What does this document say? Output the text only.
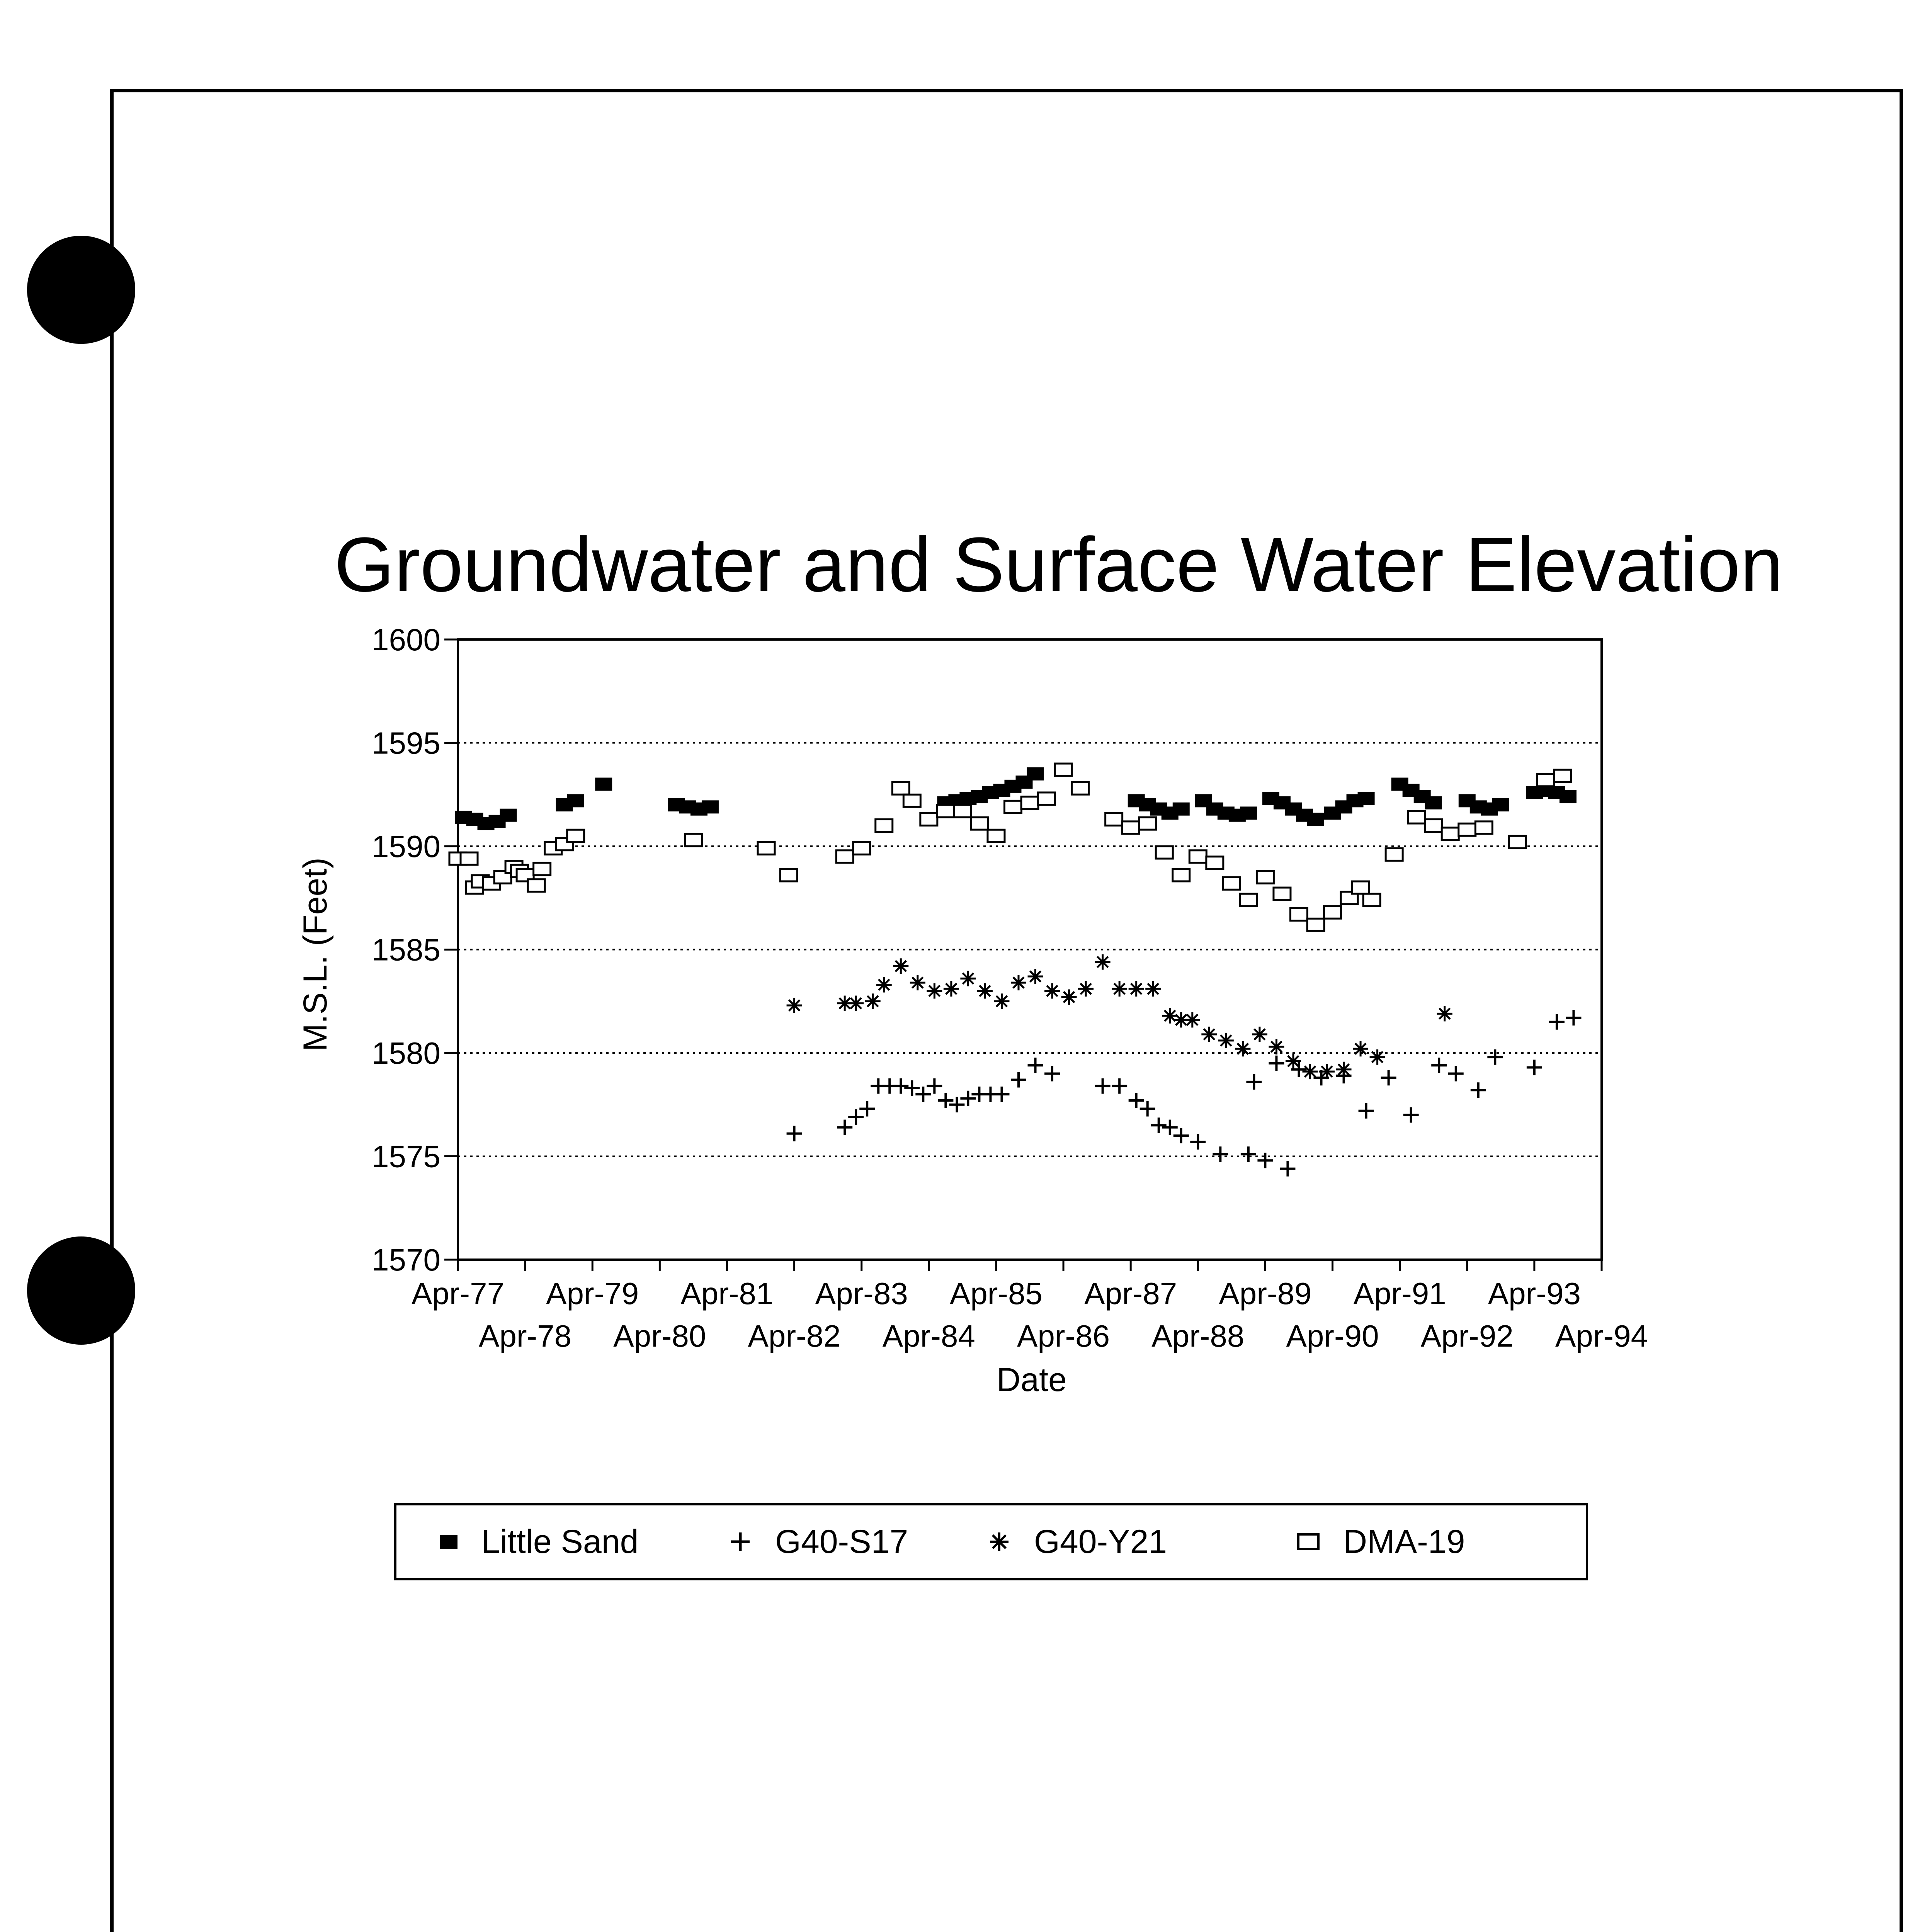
Groundwater and Surface Water Elevation
M.S.L. (Feet)
Date
1570
1575
1580
1585
1590
1595
1600
Apr-77 Apr-79 Apr-81 Apr-83 Apr-85 Apr-87 Apr-89 Apr-91 Apr-93
Apr-78 Apr-80 Apr-82 Apr-84 Apr-86 Apr-88 Apr-90 Apr-92 Apr-94
Little Sand	G40-S17	G40-Y21	DMA-19
